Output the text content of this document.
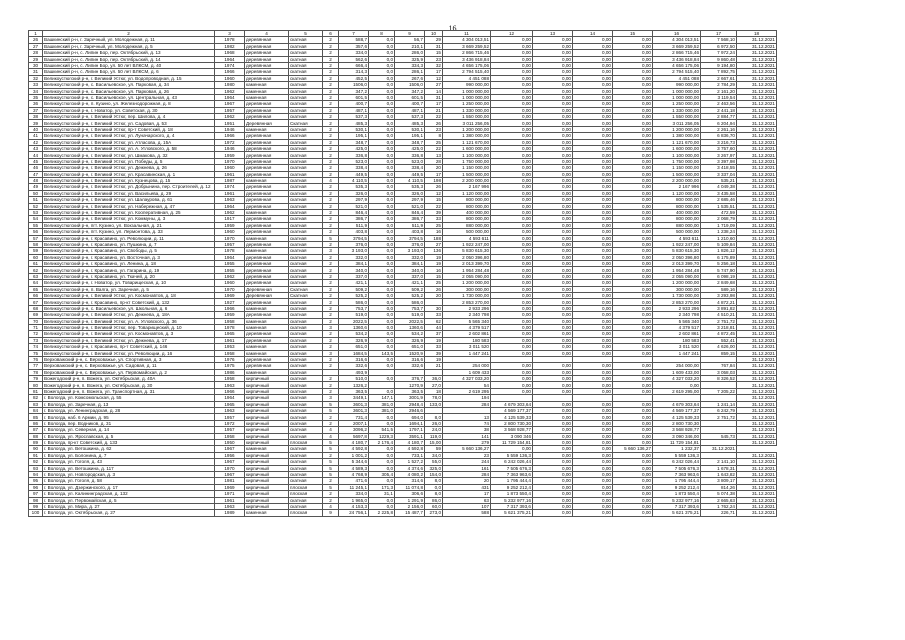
16
1	2	3	4	5	6	7	8	9	10	11	12	13	14	15	16	17	18
26	Вашкинский р-н, г. Заречный, ул. Молодежная, д. 11	1978	деревянная	скатная	2	588,7	0,0	56,7	29	4 304 013,51	0,00	0,00	0,00	0,00	4 304 013,51	7 568,10	31.12.2021
27	Вашкинский р-н, г. Заречный, ул. Молодежная, д. 5	1982	деревянная	скатная	2	357,6	0,0	210,1	31	3 669 259,52	0,00	0,00	0,00	0,00	3 669 259,52	6 972,50	31.12.2021
28	Вашкинский р-н, с. Липин Бор, пер. Октябрьский, д. 13	1968	деревянная	скатная	2	334,0	0,0	286,0	15	2 866 715,46	0,00	0,00	0,00	0,00	2 866 715,46	7 972,24	31.12.2021
29	Вашкинский р-н, с. Липин Бор, пер. Октябрьский, д. 14	1964	деревянная	скатная	2	562,6	0,0	325,9	23	3 436 918,84	0,00	0,00	0,00	0,00	3 436 918,84	9 860,48	31.12.2021
30	Вашкинский р-н, с. Липин Бор, ул. 50 лет ВЛКСМ, д. 40	1974	деревянная	скатная	2	666,4	0,0	334,3	32	4 656 175,06	0,00	0,00	0,00	0,00	4 656 175,06	9 194,80	31.12.2021
31	Вашкинский р-н, с. Липин Бор, ул. 50 лет ВЛКСМ, д. 6	1966	деревянная	скатная	2	314,3	0,0	286,1	17	2 794 515,40	0,00	0,00	0,00	0,00	2 794 515,40	7 892,75	31.12.2021
32	Великоустюгский р-н, г. Великий Устюг, ул. Водопроводная, д. 15	1960	деревянная	скатная	2	452,5	0,0	267,6	12	4 451 088	0,00	0,00	0,00	0,00	4 451 088	2 667,61	31.12.2021
33	Великоустюгский р-н, с. Васильевское, ул. Парковая, д. 34	1980	каменная	скатная	2	1506,0	0,0	1506,0	27	990 000,00	0,00	0,00	0,00	0,00	990 000,00	2 784,29	31.12.2021
34	Великоустюгский р-н, с. Васильевское, ул. Парковая, д. 26	1962	каменная	скатная	2	347,2	0,0	347,2	14	1 000 000,00	0,00	0,00	0,00	0,00	1 000 000,00	2 161,20	31.12.2021
35	Великоустюгский р-н, с. Васильевское, ул. Центральная, д. 43	1964	каменная	скатная	2	601,5	0,0	601,5	31	1 000 000,00	0,00	0,00	0,00	0,00	1 000 000,00	3 119,54	31.12.2021
36	Великоустюгский р-н, п. Кузино, ул. Железнодорожная, д. 8	1967	деревянная	скатная	2	400,7	0,0	400,7	17	1 250 000,00	0,00	0,00	0,00	0,00	1 250 000,00	2 463,56	31.12.2021
37	Великоустюгский р-н, г. Новатор, ул. Советская, д. 30	1957	деревянная	скатная	2	487,1	0,0	487,1	21	1 330 000,00	0,00	0,00	0,00	0,00	1 330 000,00	2 441,18	31.12.2021
38	Великоустюгский р-н, г. Великий Устюг, пер. Шилова, д. 4	1962	деревянная	скатная	2	537,3	0,0	537,3	22	1 550 000,00	0,00	0,00	0,00	0,00	1 550 000,00	2 884,77	31.12.2021
39	Великоустюгский р-н, г. Великий Устюг, ул. Садовая, д. 53	1951	Деревянная	Скатная	2	485,3	0,0	485,3	26	3 011 256,05	0,00	0,00	0,00	0,00	3 011 256,05	6 204,94	31.12.2021
40	Великоустюгский р-н, г. Великий Устюг, пр-т Советский, д. 18	1946	каменная	скатная	2	530,1	0,0	530,1	23	1 200 000,00	0,00	0,00	0,00	0,00	1 200 000,00	2 261,16	31.12.2021
41	Великоустюгский р-н, г. Великий Устюг, ул. Луначарского, д. 4	1966	деревянная	скатная	2	195,1	0,0	195,1	8	1 380 000,00	0,00	0,00	0,00	0,00	1 380 000,00	6 836,70	31.12.2021
42	Великоустюгский р-н, г. Великий Устюг, ул. Атласова, д. 15А	1972	деревянная	скатная	2	348,7	0,0	348,7	25	1 121 670,00	0,00	0,00	0,00	0,00	1 121 670,00	3 216,73	31.12.2021
43	Великоустюгский р-н, г. Великий Устюг, ул. А. Угловского, д. 58	1946	деревянная	скатная	2	425,0	0,0	425,0	22	1 600 000,00	0,00	0,00	0,00	0,00	1 600 000,00	3 757,60	31.12.2021
44	Великоустюгский р-н, г. Великий Устюг, ул. Шмакова, д. 32	1959	деревянная	скатная	2	336,8	0,0	336,8	13	1 100 000,00	0,00	0,00	0,00	0,00	1 100 000,00	3 267,97	31.12.2021
45	Великоустюгский р-н, г. Великий Устюг, ул. Победы, д. 5	1970	деревянная	скатная	2	523,0	0,0	523,0	28	1 750 000,00	0,00	0,00	0,00	0,00	1 750 000,00	3 397,98	31.12.2021
46	Великоустюгский р-н, г. Великий Устюг, ул. Дежнева, д. 26	1960	деревянная	скатная	2	338,4	0,0	338,4	20	1 150 000,00	0,00	0,00	0,00	0,00	1 150 000,00	3 418,55	31.12.2021
47	Великоустюгский р-н, г. Великий Устюг, ул. Красавинская, д. 1	1961	деревянная	скатная	2	449,5	0,0	449,5	17	1 500 000,00	0,00	0,00	0,00	0,00	1 500 000,00	3 337,04	31.12.2021
48	Великоустюгский р-н, г. Великий Устюг, ул. Кузнецова, д. 15	1987	каменная	скатная	4	4 110,5	0,0	4 110,5	198	2 200 000,00	0,00	0,00	0,00	0,00	2 200 000,00	535,21	31.12.2021
49	Великоустюгский р-н, г. Великий Устюг, ул. Добрынина, пер. Строителей, д. 12	1974	деревянная	скатная	2	535,3	0,0	535,3	26	2 167 996	0,00	0,00	0,00	0,00	2 167 996	4 049,38	31.12.2021
50	Великоустюгский р-н, г. Великий Устюг, ул. Васильева, д. 29	1961	деревянная	скатная	2	326,0	0,0	326,0	12	1 120 000,00	0,00	0,00	0,00	0,00	1 120 000,00	3 435,58	31.12.2021
51	Великоустюгский р-н, г. Великий Устюг, ул. Шалаурова, д. 61	1963	деревянная	скатная	2	297,9	0,0	297,9	15	800 000,00	0,00	0,00	0,00	0,00	800 000,00	2 685,46	31.12.2021
52	Великоустюгский р-н, г. Великий Устюг, ул. Набережная, д. 47	1964	деревянная	скатная	2	521,0	0,0	521,0	22	800 000,00	0,00	0,00	0,00	0,00	800 000,00	1 535,51	31.12.2021
53	Великоустюгский р-н, г. Великий Устюг, ул. Кооперативная, д. 25	1962	каменная	скатная	2	846,4	0,0	846,4	39	400 000,00	0,00	0,00	0,00	0,00	400 000,00	472,59	31.12.2021
54	Великоустюгский р-н, г. Великий Устюг, ул. Коммуны, д. 3	1917	деревянная	скатная	2	386,7	0,0	386,7	33	800 000,00	0,00	0,00	0,00	0,00	800 000,00	2 068,79	31.12.2021
55	Великоустюгский р-н, пгт. Кузино, ул. Вокзальная, д. 21	1959	деревянная	скатная	2	511,9	0,0	511,9	25	880 000,00	0,00	0,00	0,00	0,00	880 000,00	1 719,09	31.12.2021
56	Великоустюгский р-н, пгт. Кузино, ул. Лермонтова, д. 33	1960	деревянная	скатная	2	403,8	0,0	403,8	16	500 000,00	0,00	0,00	0,00	0,00	500 000,00	1 238,24	31.12.2021
57	Великоустюгский р-н, г. Красавино, ул. Революции, д. 11	1970	каменная	скатная	5	3794,5	0,0	3794,5	188	4 593 611	0,00	0,00	0,00	0,00	4 593 611	1 210,60	31.12.2021
58	Великоустюгский р-н, г. Красавино, ул. Пушкина, д. 7	1957	деревянная	скатная	2	376,0	0,0	376,0	27	1 922 247,00	0,00	0,00	0,00	0,00	1 922 247,00	5 109,84	31.12.2021
59	Великоустюгский р-н, г. Красавино, ул. Свободы, д. 5	1978	каменная	скатная	3	3 193,0	0,0	3 193,0	136	5 830 615,30	0,00	0,00	0,00	0,00	5 830 615,30	1 826,12	31.12.2021
60	Великоустюгский р-н, г. Красавино, ул. Восточная, д. 3	1964	деревянная	скатная	2	332,0	0,0	332,0	19	2 050 396,80	0,00	0,00	0,00	0,00	2 050 396,80	6 175,89	31.12.2021
61	Великоустюгский р-н, г. Красавино, ул. Ленина, д. 18	1955	деревянная	скатная	2	384,1	0,0	384,1	19	2 013 399,70	0,00	0,00	0,00	0,00	2 013 399,70	5 256,18	31.12.2021
62	Великоустюгский р-н, г. Красавино, ул. Гагарина, д. 19	1955	деревянная	скатная	2	340,0	0,0	340,0	16	1 954 284,48	0,00	0,00	0,00	0,00	1 954 284,48	5 747,90	31.12.2021
63	Великоустюгский р-н, г. Красавино, ул. Ткачей, д. 20	1962	деревянная	скатная	2	337,0	0,0	337,0	15	2 055 090,00	0,00	0,00	0,00	0,00	2 055 090,00	6 098,19	31.12.2021
64	Великоустюгский р-н, г. Новатор, ул. Товарищеская, д. 10	1960	деревянная	скатная	2	421,1	0,0	421,1	25	1 200 000,00	0,00	0,00	0,00	0,00	1 200 000,00	2 849,68	31.12.2021
65	Великоустюгский р-н, п. Валга, ул. Заречная, д. 5	1970	Деревянная	Скатная	2	509,2	0,0	509,2	26	300 000,00	0,00	0,00	0,00	0,00	300 000,00	589,16	31.12.2021
66	Великоустюгский р-н, г. Великий Устюг, ул. Космонавтов, д. 18	1969	Деревянная	Скатная	2	525,2	0,0	525,2	20	1 730 000,00	0,00	0,00	0,00	0,00	1 730 000,00	3 293,98	31.12.2021
67	Великоустюгский р-н, г. Красавино, пр-кт Советский, д. 132	1927	деревянная	скатная	2	586,0	0,0	586,0		2 853 270,00	0,00	0,00	0,00	0,00	2 853 270,00	4 872,21	31.12.2021
68	Великоустюгский р-н, с. Васильевское, ул. Школьная, д. 6	1966	каменная	скатная	2	753,7	0,0	753,7	30	2 933 296	0,00	0,00	0,00	0,00	2 933 296	3 891,82	31.12.2021
69	Великоустюгский р-н, г. Великий Устюг, ул. Дежнева, д. 18А	1959	деревянная	скатная	2	519,0	0,0	519,0	33	2 340 798	0,00	0,00	0,00	0,00	2 340 798	4 510,21	31.12.2021
70	Великоустюгский р-н, г. Великий Устюг, ул. А. Угловского, д. 36	1958	каменная	скатная	2	2022,5	0,0	2022,5	62	5 565 340	0,00	0,00	0,00	0,00	5 565 340	2 751,72	31.12.2021
71	Великоустюгский р-н, г. Великий Устюг, пер. Товарищеский, д. 10	1978	каменная	скатная	3	1360,6	0,0	1360,6	44	4 379 517	0,00	0,00	0,00	0,00	4 379 517	3 218,81	31.12.2021
72	Великоустюгский р-н, г. Великий Устюг, ул. Космонавтов, д. 3	1965	деревянная	скатная	2	534,2	0,0	534,2	37	2 602 861	0,00	0,00	0,00	0,00	2 602 861	4 872,45	31.12.2021
73	Великоустюгский р-н, г. Великий Устюг, ул. Дежнева, д. 17	1961	деревянная	скатная	2	326,9	0,0	326,9	19	180 583	0,00	0,00	0,00	0,00	180 583	552,41	31.12.2021
74	Великоустюгский р-н, г. Красавино, пр-т Советский, д. 146	1953	каменная	скатная	2	651,0	0,0	651,0	33	3 011 520	0,00	0,00	0,00	0,00	3 011 520	4 626,00	31.12.2021
75	Великоустюгский р-н, г. Великий Устюг, ул. Революции, д. 16	1958	каменная	скатная	3	1684,5	143,5	1520,9	39	1 447 241	0,00	0,00	0,00	0,00	1 447 241	859,15	31.12.2021
76	Верховажский р-н, с. Верховажье, ул. Спортивная, д. 3	1976	деревянная	скатная	2	316,6	0,0	316,6	19								31.12.2021
77	Верховажский р-н, с. Верховажье, ул. Садовая, д. 11	1975	деревянная	скатная	2	332,6	0,0	332,6	21	254 000	0,00	0,00	0,00	0,00	254 000,00	767,84	31.12.2021
78	Верховажский р-н, с. Верховажье, ул. Первомайская, д. 2	1986	каменная	скатная		493,9				1 609 433	0,00	0,00	0,00	0,00	1 609 433,00	3 058,03	31.12.2021
79	Вожегодский р-н, п. Вожега, ул. Октябрьская, д. 40А	1958	кирпичный	скатная	2	510,0	0,0	376,7	36,0	4 327 033,20	0,00	0,00	0,00	0,00	4 327 033,20	8 326,52	31.12.2021
80	Вожегодский р-н, п. Вожега, ул. Октябрьская, д. 30	1963	кирпичный	скатная	2	1326,2		1270,9	27,0	54	0,00	0,00	0,00	0,00	0,00		31.12.2021
81	Вожегодский р-н, п. Вожега, ул. Транспортная, д. 31	1966	кирпичный	скатная	2	363,5	0,0	363,5	18	2 619 295	0,00	0,00	0,00	0,00	2 619 295,00	7 205,22	31.12.2021
82	г. Вологда, ул. Комсомольская, д. 55	1964	кирпичный	скатная	3	3449,1	147,1	3001,9	78,0	194							31.12.2021
83	г. Вологда, ул. Заречная, д. 13	1965	кирпичный	скатная	5	3601,3	381,0	2948,4	133,0	284	4 679 303,64	0,00	0,00	0,00	4 679 303,64	1 241,14	31.12.2021
84	г. Вологда, ул. Ленинградская, д. 28	1963	кирпичный	скатная	5	3601,3	381,0	2946,6			4 569 177,37	0,00	0,00	0,00	4 569 177,37	6 242,79	31.12.2021
85	г. Вологда, наб. 6 Армии, д. 95	1957	кирпичный	скатная	2	731,4	0,0	694,0	8,0	13	4 125 539,33	0,00	0,00	0,00	4 125 539,33	2 751,72	31.12.2021
86	г. Вологда, пер. Водников, д. 31	1972	кирпичный	скатная	2	2007,1	0,0	1694,1	26,0	74	2 800 730,30	0,00	0,00	0,00	2 800 730,30		31.12.2021
87	г. Вологда, ул. Северная, д. 14	1957	кирпичный	скатная	4	3096,2	541,5	1797,1	24,0	38	3 568 928,77	0,00	0,00	0,00	3 568 928,77		31.12.2021
88	г. Вологда, ул. Ярославская, д. 5	1958	кирпичный	скатная	4	5697,8	1229,3	3591,1	119,0	141	3 090 346	0,00	0,00	0,00	3 090 346,00	545,73	31.12.2021
89	г. Вологда, пр-кт Советский, д. 133	1950	кирпичный	плоская	5	4 180,7	2 176,4	4 180,7	15,00	279	11 729 154,81	0,00	0,00	0,00	11 729 154,81		31.12.2021
90	г. Вологда, ул. Ветошкина, д. 62	1967	каменная	скатная	5	4 592,8	0,0	4 592,8	59	5 660 136,27	0,00	0,00	0,00	5 660 136,27	1 232,37	31.12.2021	
91	г. Вологда, ул. Болонина, д. 7	1956	кирпичный	скатная	2	1 001,2	0,0	733,1	34,0	23	5 559 136,3	0,00	0,00	0,00	5 559 136,3		31.12.2021
92	г. Вологда, ул. Гоголя, д. 43	1967	кирпичный	скатная	5	5 344,6	0,0	1 527,2	55,0	244	6 242 026,44	0,00	0,00	0,00	6 242 026,44	2 141,10	31.12.2021
93	г. Вологда, ул. Ветошкина, д. 117	1970	кирпичный	скатная	5	4 589,3	0,0	4 374,6	325,0	161	7 505 676,3	0,00	0,00	0,00	7 505 676,3	1 678,31	31.12.2021
94	г. Вологда, ул. Новгородская, д. 3	1967	кирпичный	скатная	5	4 768,9	305,4	4 080,2	154,0	284	7 363 963,6	0,00	0,00	0,00	7 363 963,6	1 643,82	31.12.2021
95	г. Вологда, ул. Гоголя, д. 58	1981	кирпичный	скатная	2	471,6	0,0	314,6	8,0	20	1 795 444,4	0,00	0,00	0,00	1 795 444,4	3 809,17	31.12.2021
96	г. Вологда, ул. Дзержинского, д. 17	1969	кирпичный	плоская	5	11 245,1	171,3	11 074,8	0,0	431	9 252 212,4	0,00	0,00	0,00	9 252 212,4	814,26	31.12.2021
97	г. Вологда, ул. Калининградская, д. 132	1971	кирпичный	плоская	2	334,0	31,1	306,6	8,0	17	1 873 550,4	0,00	0,00	0,00	1 873 550,4	5 074,38	31.12.2021
98	г. Вологда, ул. Первомайская, д. 5	1961	кирпичный	скатная	2	1 965,0	0,0	1 291,9	86,0	63	5 232 977,16	0,00	0,00	0,00	5 232 977,16	2 665,63	31.12.2021
99	г. Вологда, ул. Мира, д. 27	1963	кирпичный	скатная	4	4 153,3	0,0	2 156,0	60,0	107	7 317 393,6	0,00	0,00	0,00	7 317 393,6	1 762,24	31.12.2021
100	г. Вологда, ул. Октябрьская, д. 27	1989	каменная	плоская	9	24 756,1	2 225,8	15 487,7	273,0	588	5 621 375,21	0,00	0,00	0,00	5 621 375,21	226,71	31.12.2021
